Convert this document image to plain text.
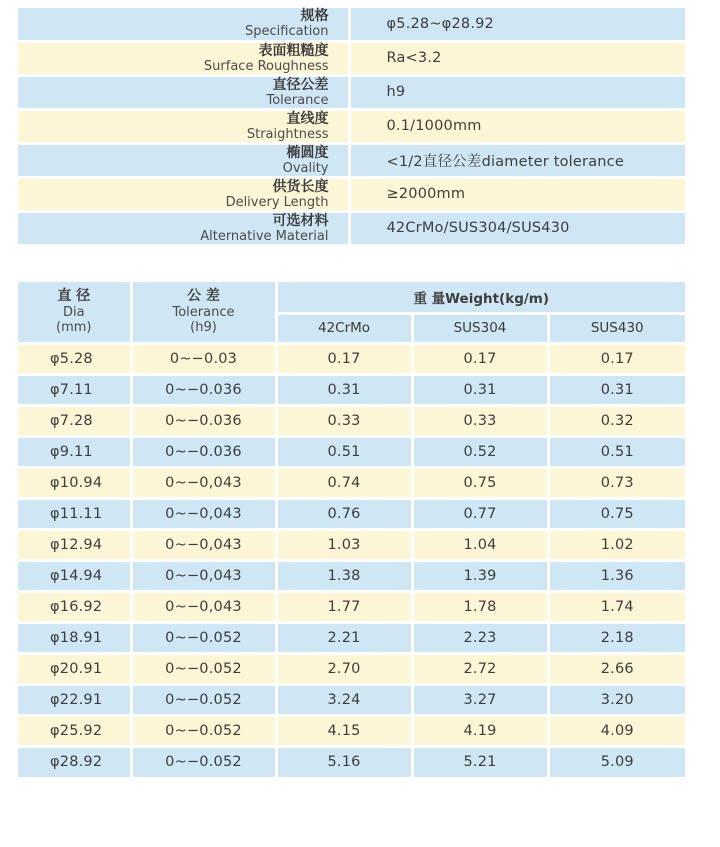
规格
Specification	φ5.28~φ28.92

表面粗糙度
Surface Roughness	Ra<3.2

直径公差
Tolerance	h9

直线度
Straightness	0.1/1000mm

椭圆度
Ovality	<1/2直径公差diameter tolerance

供货长度
Delivery Length	≥2000mm

可选材料
Alternative Material	42CrMo/SUS304/SUS430
直 径
Dia
(mm)

公 差
Tolerance
(h9)
	重 量Weight(kg/m)
		42CrMo	SUS304	SUS430
φ5.28	0~−0.03	0.17	0.17	0.17
φ7.11	0~−0.036	0.31	0.31	0.31
φ7.28	0~−0.036	0.33	0.33	0.32
φ9.11	0~−0.036	0.51	0.52	0.51
φ10.94	0~−0,043	0.74	0.75	0.73
φ11.11	0~−0,043	0.76	0.77	0.75
φ12.94	0~−0,043	1.03	1.04	1.02
φ14.94	0~−0,043	1.38	1.39	1.36
φ16.92	0~−0,043	1.77	1.78	1.74
φ18.91	0~−0.052	2.21	2.23	2.18
φ20.91	0~−0.052	2.70	2.72	2.66
φ22.91	0~−0.052	3.24	3.27	3.20
φ25.92	0~−0.052	4.15	4.19	4.09
φ28.92	0~−0.052	5.16	5.21	5.09
